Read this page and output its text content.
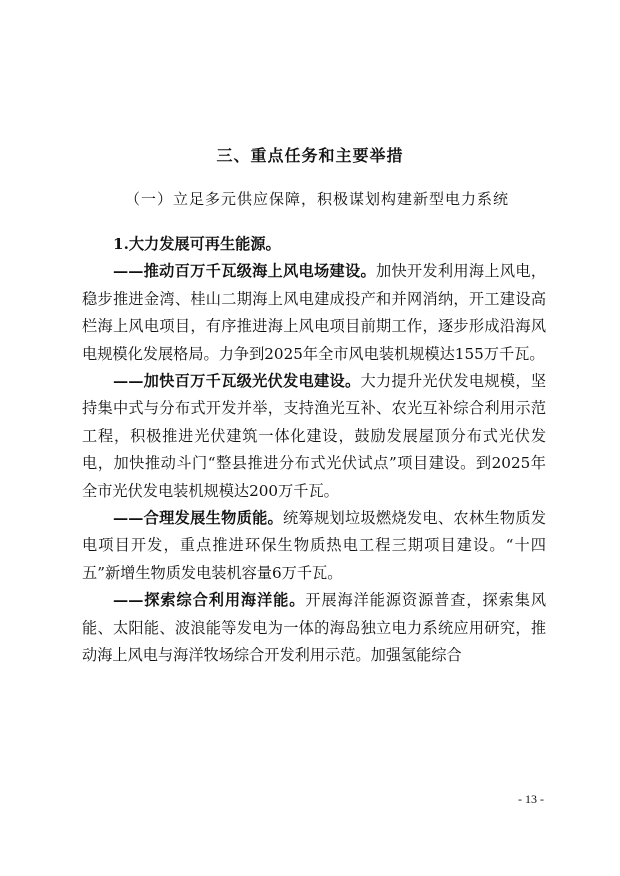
三、重点任务和主要举措
（一）立足多元供应保障，积极谋划构建新型电力系统

1.大力发展可再生能源。

——推动百万千瓦级海上风电场建设。加快开发利用海上风电，稳步推进金湾、桂山二期海上风电建成投产和并网消纳，开工建设高栏海上风电项目，有序推进海上风电项目前期工作，逐步形成沿海风电规模化发展格局。力争到2025年全市风电装机规模达155万千瓦。

——加快百万千瓦级光伏发电建设。大力提升光伏发电规模，坚持集中式与分布式开发并举，支持渔光互补、农光互补综合利用示范工程，积极推进光伏建筑一体化建设，鼓励发展屋顶分布式光伏发电，加快推动斗门“整县推进分布式光伏试点”项目建设。到2025年全市光伏发电装机规模达200万千瓦。

——合理发展生物质能。统筹规划垃圾燃烧发电、农林生物质发电项目开发，重点推进环保生物质热电工程三期项目建设。“十四五”新增生物质发电装机容量6万千瓦。

——探索综合利用海洋能。开展海洋能源资源普查，探索集风能、太阳能、波浪能等发电为一体的海岛独立电力系统应用研究，推动海上风电与海洋牧场综合开发利用示范。加强氢能综合

- 13 -
